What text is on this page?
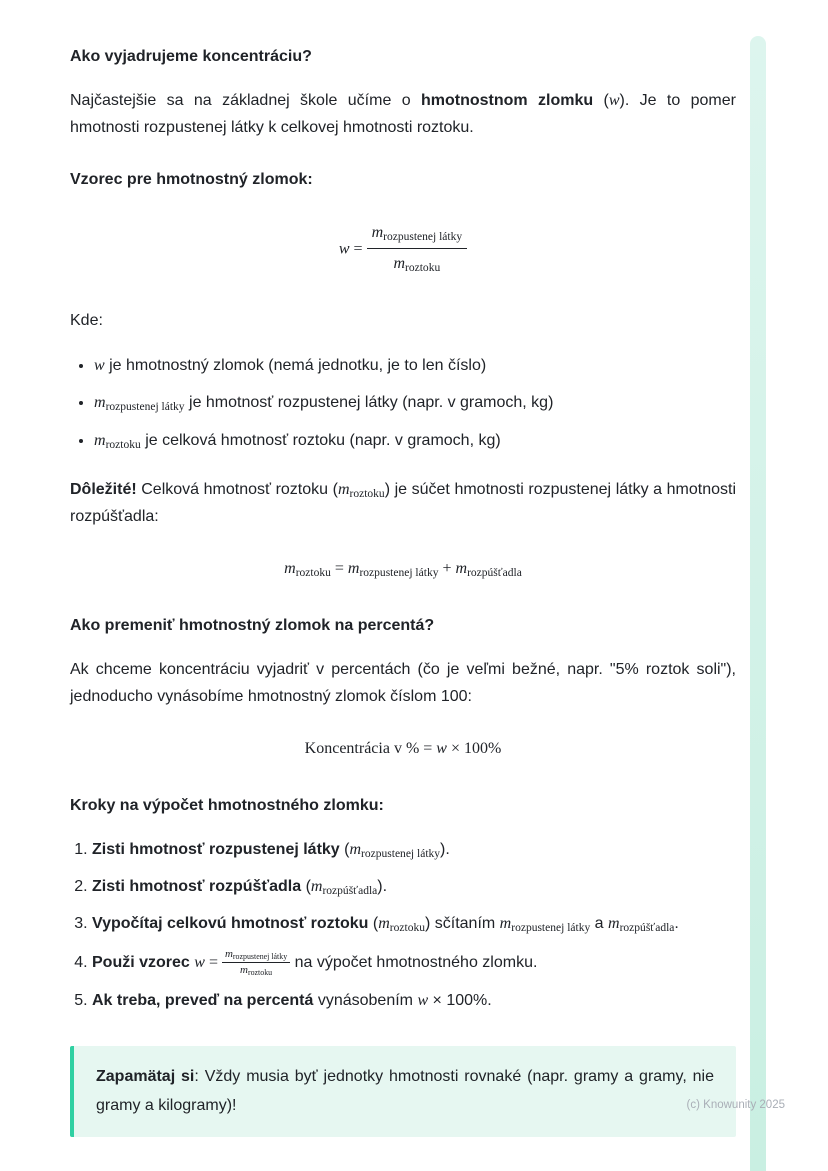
Ako vyjadrujeme koncentráciu?

Najčastejšie sa na základnej škole učíme o hmotnostnom zlomku (w). Je to pomer hmotnosti rozpustenej látky k celkovej hmotnosti roztoku.

Vzorec pre hmotnostný zlomok:
$w = \frac{\text{mrozpustenej látky}}{\text{mroztoku}}$

Kde:

• w je hmotnostný zlomok (nemá jednotku, je to len číslo)
• mrozpustenej látky je hmotnosť rozpustenej látky (napr. v gramoch, kg)
• mroztoku je celková hmotnosť roztoku (napr. v gramoch, kg)

Dôležité! Celková hmotnosť roztoku (mroztoku) je súčet hmotnosti rozpustenej látky a hmotnosti rozpúšťadla:

mroztoku = mrozpustenej látky + mrozpúšťadla
Ako premeniť hmotnostný zlomok na percentá?

Ak chceme koncentráciu vyjadriť v percentách (čo je veľmi bežné, napr. "5% roztok soli"), jednoducho vynásobíme hmotnostný zlomok číslom 100:

Koncentrácia v % = w × 100%
Kroky na výpočet hmotnostného zlomku:
1. Zisti hmotnosť rozpustenej látky (mrozpustenej látky).
2. Zisti hmotnosť rozpúšťadla (mrozpúšťadla).
3. Vypočítaj celkovú hmotnosť roztoku (mroztoku) sčítaním mrozpustenej látky a mrozpúšťadla.
4. Použi vzorec $w = \frac{\text{mrozpustenej látky}}{\text{mroztoku}}$ na výpočet hmotnostného zlomku.
5. Ak treba, preveď na percentá vynásobením w × 100%.
Zapamätaj si: Vždy musia byť jednotky hmotnosti rovnaké (napr. gramy a gramy, nie gramy a kilogramy)!	(c) Knowunity 2025
